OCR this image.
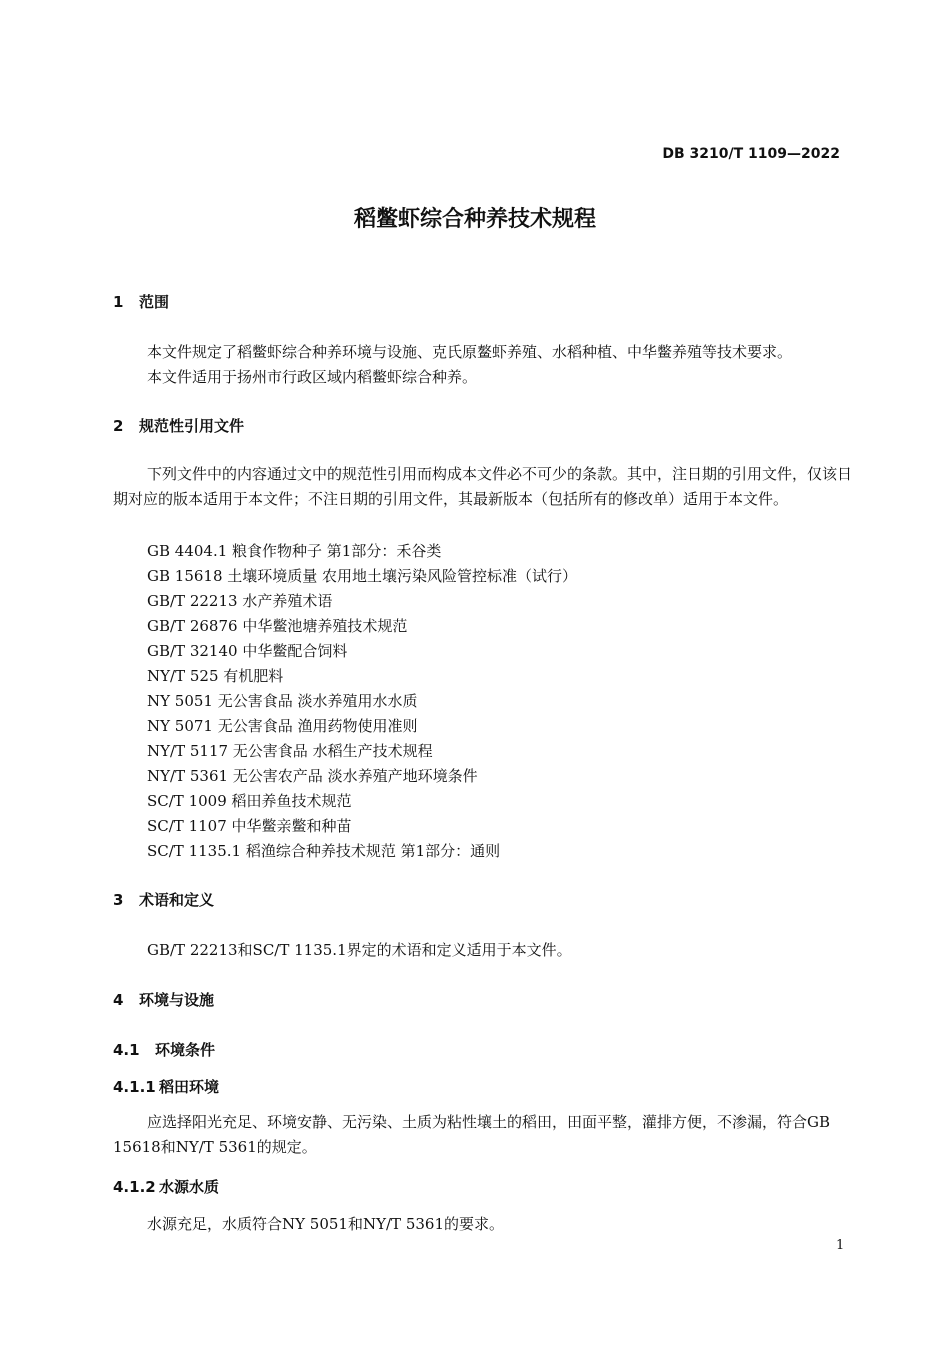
DB 3210/T 1109—2022
稻鳖虾综合种养技术规程
1 范围
本文件规定了稻鳖虾综合种养环境与设施、克氏原鳌虾养殖、水稻种植、中华鳖养殖等技术要求。
本文件适用于扬州市行政区域内稻鳖虾综合种养。
2 规范性引用文件
下列文件中的内容通过文中的规范性引用而构成本文件必不可少的条款。其中，注日期的引用文件，仅该日期对应的版本适用于本文件；不注日期的引用文件，其最新版本（包括所有的修改单）适用于本文件。
GB 4404.1 粮食作物种子 第1部分：禾谷类
GB 15618 土壤环境质量 农用地土壤污染风险管控标准（试行）
GB/T 22213 水产养殖术语
GB/T 26876 中华鳖池塘养殖技术规范
GB/T 32140 中华鳖配合饲料
NY/T 525 有机肥料
NY 5051 无公害食品 淡水养殖用水水质
NY 5071 无公害食品 渔用药物使用准则
NY/T 5117 无公害食品 水稻生产技术规程
NY/T 5361 无公害农产品 淡水养殖产地环境条件
SC/T 1009 稻田养鱼技术规范
SC/T 1107 中华鳖亲鳖和种苗
SC/T 1135.1 稻渔综合种养技术规范 第1部分：通则
3 术语和定义
GB/T 22213和SC/T 1135.1界定的术语和定义适用于本文件。
4 环境与设施
4.1 环境条件
4.1.1 稻田环境
应选择阳光充足、环境安静、无污染、土质为粘性壤土的稻田，田面平整，灌排方便，不渗漏，符合GB 15618和NY/T 5361的规定。
4.1.2 水源水质
水源充足，水质符合NY 5051和NY/T 5361的要求。
1
